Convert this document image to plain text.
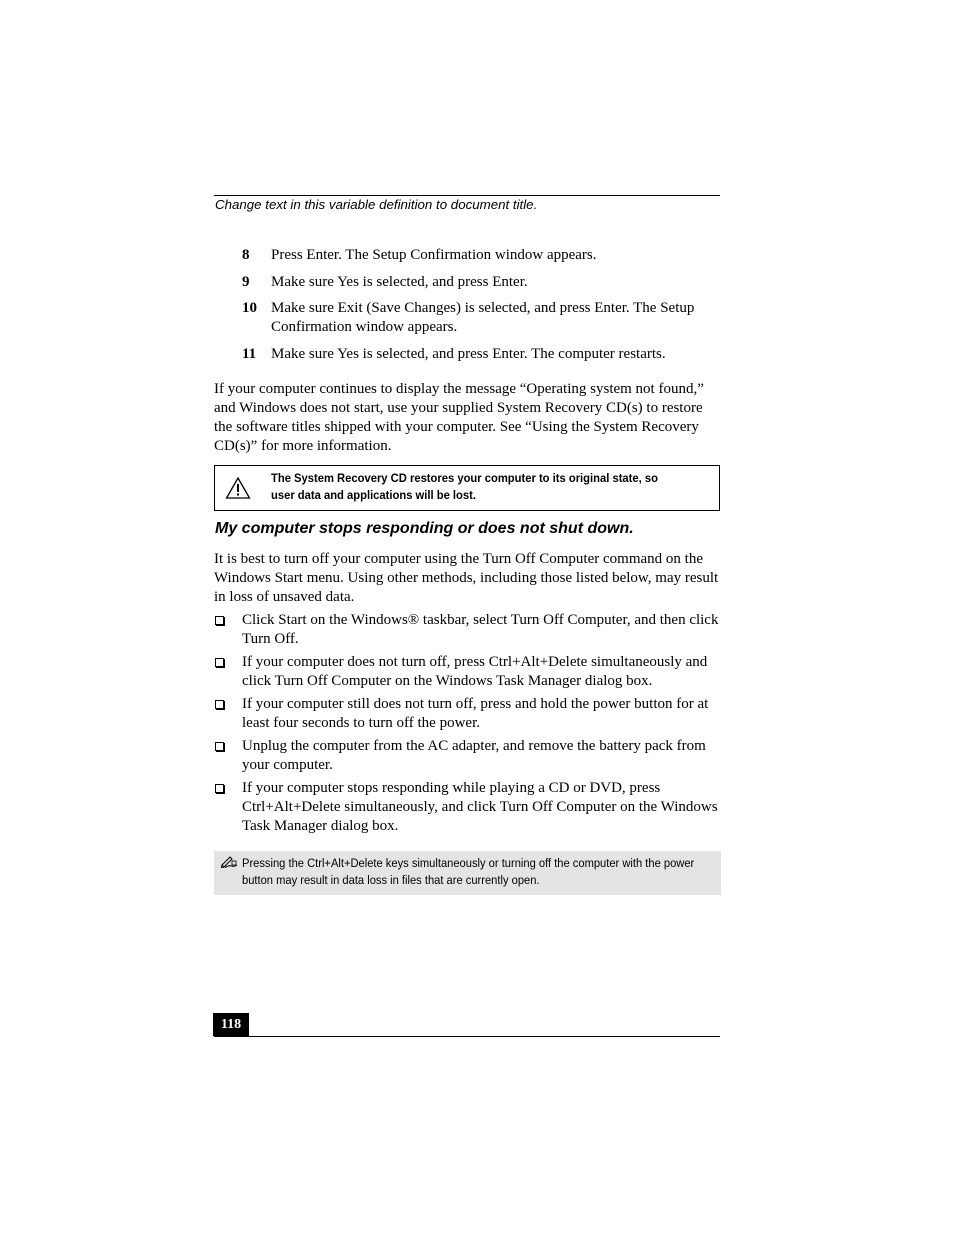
Change text in this variable definition to document title.
8 Press Enter. The Setup Confirmation window appears.
9 Make sure Yes is selected, and press Enter.
10 Make sure Exit (Save Changes) is selected, and press Enter. The Setup Confirmation window appears.
11 Make sure Yes is selected, and press Enter. The computer restarts.
If your computer continues to display the message “Operating system not found,” and Windows does not start, use your supplied System Recovery CD(s) to restore the software titles shipped with your computer. See “Using the System Recovery CD(s)” for more information.
The System Recovery CD restores your computer to its original state, so user data and applications will be lost.
My computer stops responding or does not shut down.
It is best to turn off your computer using the Turn Off Computer command on the Windows Start menu. Using other methods, including those listed below, may result in loss of unsaved data.
Click Start on the Windows® taskbar, select Turn Off Computer, and then click Turn Off.
If your computer does not turn off, press Ctrl+Alt+Delete simultaneously and click Turn Off Computer on the Windows Task Manager dialog box.
If your computer still does not turn off, press and hold the power button for at least four seconds to turn off the power.
Unplug the computer from the AC adapter, and remove the battery pack from your computer.
If your computer stops responding while playing a CD or DVD, press Ctrl+Alt+Delete simultaneously, and click Turn Off Computer on the Windows Task Manager dialog box.
Pressing the Ctrl+Alt+Delete keys simultaneously or turning off the computer with the power button may result in data loss in files that are currently open.
118
